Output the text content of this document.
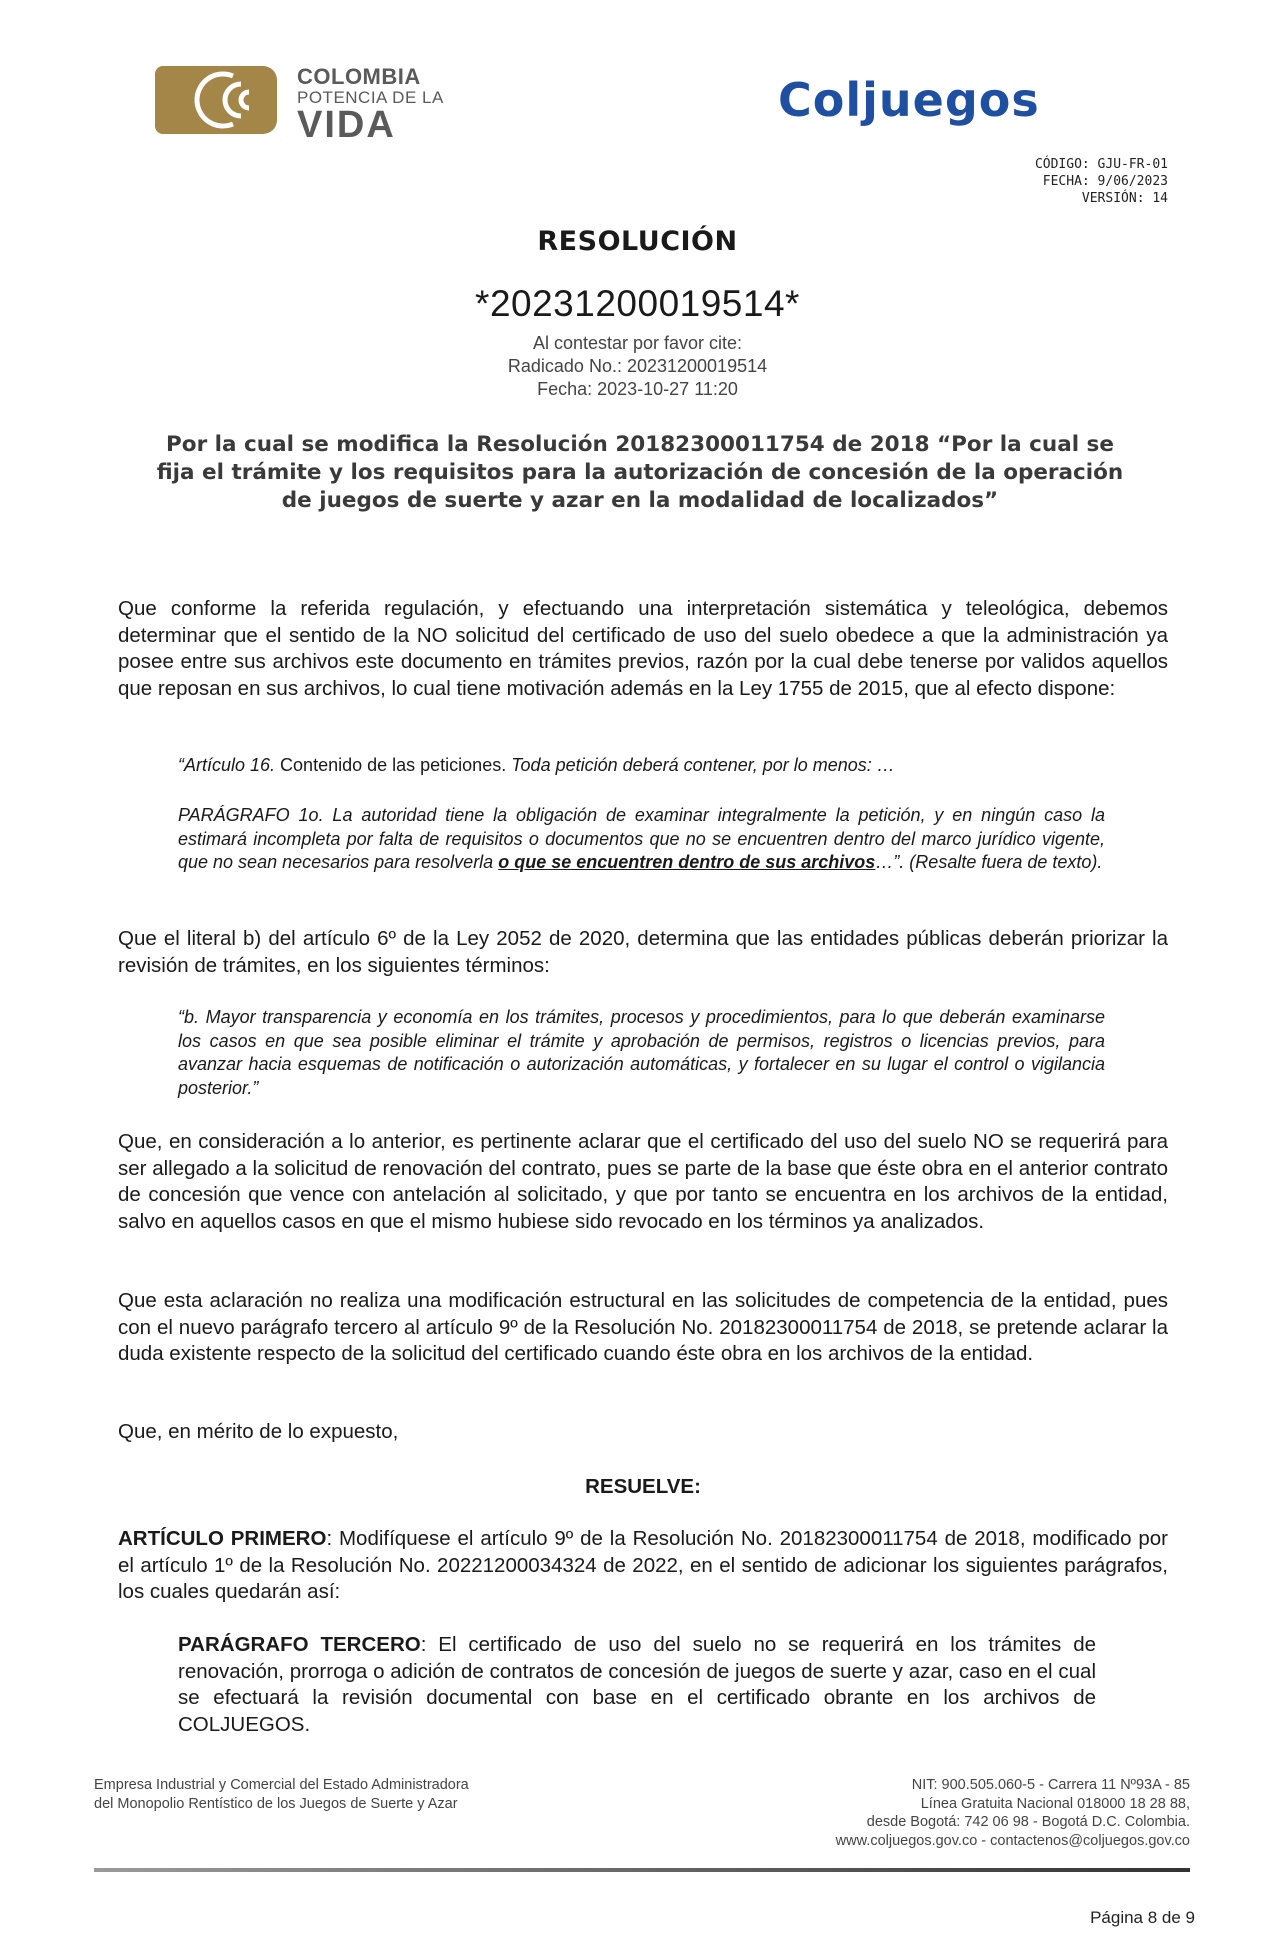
COLOMBIA
POTENCIA DE LA
VIDA	Coljuegos
CÓDIGO: GJU-FR-01
FECHA: 9/06/2023
VERSIÓN: 14
RESOLUCIÓN
*20231200019514*
Al contestar por favor cite:
Radicado No.: 20231200019514
Fecha: 2023-10-27 11:20
Por la cual se modifica la Resolución 20182300011754 de 2018 “Por la cual se
fija el trámite y los requisitos para la autorización de concesión de la operación
de juegos de suerte y azar en la modalidad de localizados”
Que conforme la referida regulación, y efectuando una interpretación sistemática y teleológica, debemos determinar que el sentido de la NO solicitud del certificado de uso del suelo obedece a que la administración ya posee entre sus archivos este documento en trámites previos, razón por la cual debe tenerse por validos aquellos que reposan en sus archivos, lo cual tiene motivación además en la Ley 1755 de 2015, que al efecto dispone:
“Artículo 16. Contenido de las peticiones. Toda petición deberá contener, por lo menos: …
PARÁGRAFO 1o. La autoridad tiene la obligación de examinar integralmente la petición, y en ningún caso la estimará incompleta por falta de requisitos o documentos que no se encuentren dentro del marco jurídico vigente, que no sean necesarios para resolverla o que se encuentren dentro de sus archivos…”. (Resalte fuera de texto).
Que el literal b) del artículo 6º de la Ley 2052 de 2020, determina que las entidades públicas deberán priorizar la revisión de trámites, en los siguientes términos:
“b. Mayor transparencia y economía en los trámites, procesos y procedimientos, para lo que deberán examinarse los casos en que sea posible eliminar el trámite y aprobación de permisos, registros o licencias previos, para avanzar hacia esquemas de notificación o autorización automáticas, y fortalecer en su lugar el control o vigilancia posterior.”
Que, en consideración a lo anterior, es pertinente aclarar que el certificado del uso del suelo NO se requerirá para ser allegado a la solicitud de renovación del contrato, pues se parte de la base que éste obra en el anterior contrato de concesión que vence con antelación al solicitado, y que por tanto se encuentra en los archivos de la entidad, salvo en aquellos casos en que el mismo hubiese sido revocado en los términos ya analizados.
Que esta aclaración no realiza una modificación estructural en las solicitudes de competencia de la entidad, pues con el nuevo parágrafo tercero al artículo 9º de la Resolución No. 20182300011754 de 2018, se pretende aclarar la duda existente respecto de la solicitud del certificado cuando éste obra en los archivos de la entidad.
Que, en mérito de lo expuesto,
RESUELVE:
ARTÍCULO PRIMERO: Modifíquese el artículo 9º de la Resolución No. 20182300011754 de 2018, modificado por el artículo 1º de la Resolución No. 20221200034324 de 2022, en el sentido de adicionar los siguientes parágrafos, los cuales quedarán así:
PARÁGRAFO TERCERO: El certificado de uso del suelo no se requerirá en los trámites de renovación, prorroga o adición de contratos de concesión de juegos de suerte y azar, caso en el cual se efectuará la revisión documental con base en el certificado obrante en los archivos de COLJUEGOS.
Empresa Industrial y Comercial del Estado Administradora
del Monopolio Rentístico de los Juegos de Suerte y Azar
NIT: 900.505.060-5 - Carrera 11 Nº93A - 85
Línea Gratuita Nacional 018000 18 28 88,
desde Bogotá: 742 06 98 - Bogotá D.C. Colombia.
www.coljuegos.gov.co - contactenos@coljuegos.gov.co
Página 8 de 9
